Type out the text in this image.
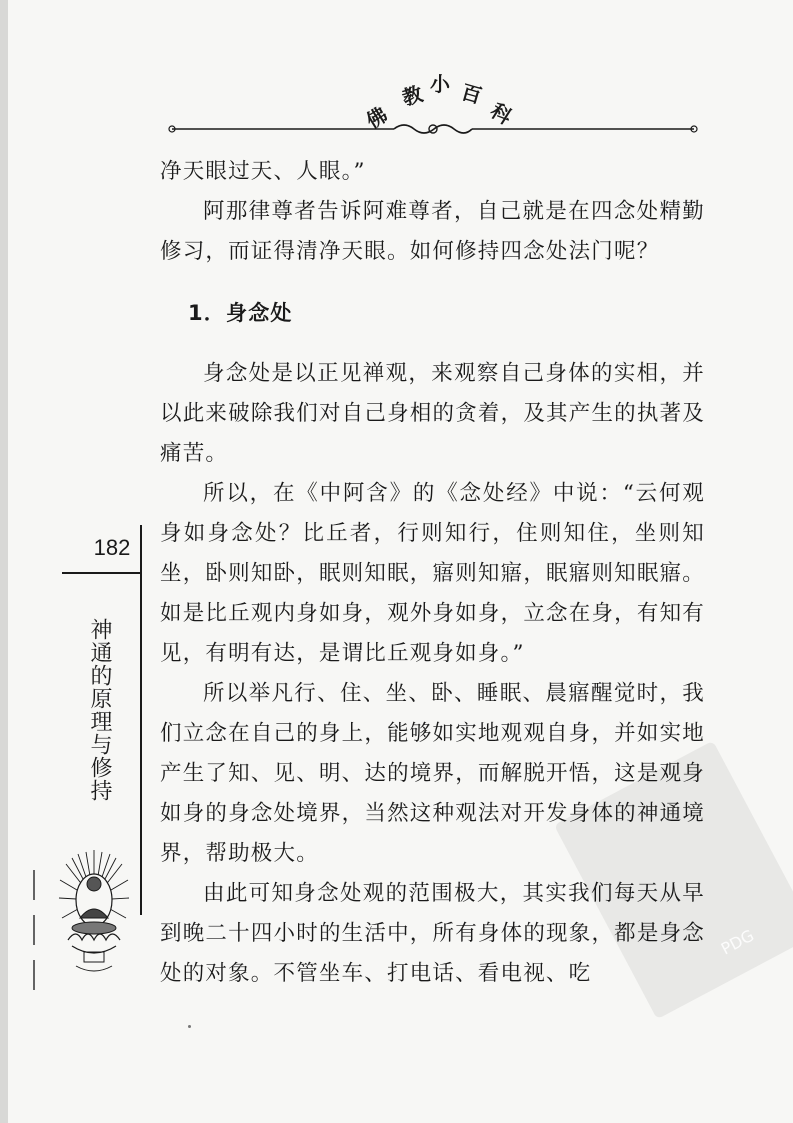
佛
教 小 百
科

净天眼过天、人眼。”

阿那律尊者告诉阿难尊者，自己就是在四念处精勤修习，而证得清净天眼。如何修持四念处法门呢？

1．身念处

身念处是以正见禅观，来观察自己身体的实相，并以此来破除我们对自己身相的贪着，及其产生的执著及痛苦。

所以，在《中阿含》的《念处经》中说：“云何观身如身念处？比丘者，行则知行，住则知住，坐则知坐，卧则知卧，眠则知眠，寤则知寤，眠寤则知眠寤。如是比丘观内身如身，观外身如身，立念在身，有知有见，有明有达，是谓比丘观身如身。”

所以举凡行、住、坐、卧、睡眠、晨寤醒觉时，我们立念在自己的身上，能够如实地观观自身，并如实地产生了知、见、明、达的境界，而解脱开悟，这是观身如身的身念处境界，当然这种观法对开发身体的神通境界，帮助极大。

由此可知身念处观的范围极大，其实我们每天从早到晚二十四小时的生活中，所有身体的现象，都是身念处的对象。不管坐车、打电话、看电视、吃

182
神通的原理与修持
PDG
